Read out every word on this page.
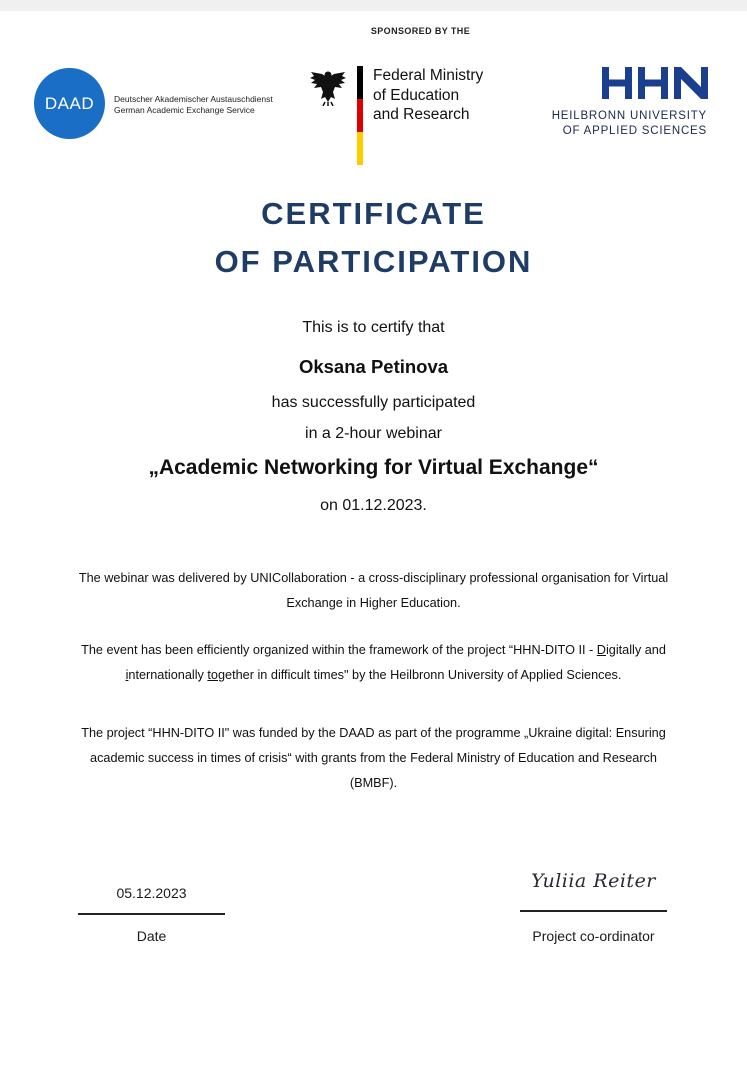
SPONSORED BY THE
DAAD	Deutscher Akademischer Austauschdienst
German Academic Exchange Service
Federal Ministry
of Education
and Research	HEILBRONN UNIVERSITY
OF APPLIED SCIENCES
CERTIFICATE
OF PARTICIPATION
This is to certify that
Oksana Petinova
has successfully participated
in a 2-hour webinar
„Academic Networking for Virtual Exchange“
on 01.12.2023.
The webinar was delivered by UNICollaboration - a cross-disciplinary professional organisation for Virtual Exchange in Higher Education.
The event has been efficiently organized within the framework of the project “HHN-DITO II - Digitally and internationally together in difficult times" by the Heilbronn University of Applied Sciences.
The project “HHN-DITO II" was funded by the DAAD as part of the programme „Ukraine digital: Ensuring academic success in times of crisis“ with grants from the Federal Ministry of Education and Research (BMBF).
05.12.2023
Date
Yuliia Reiter
Project co-ordinator
